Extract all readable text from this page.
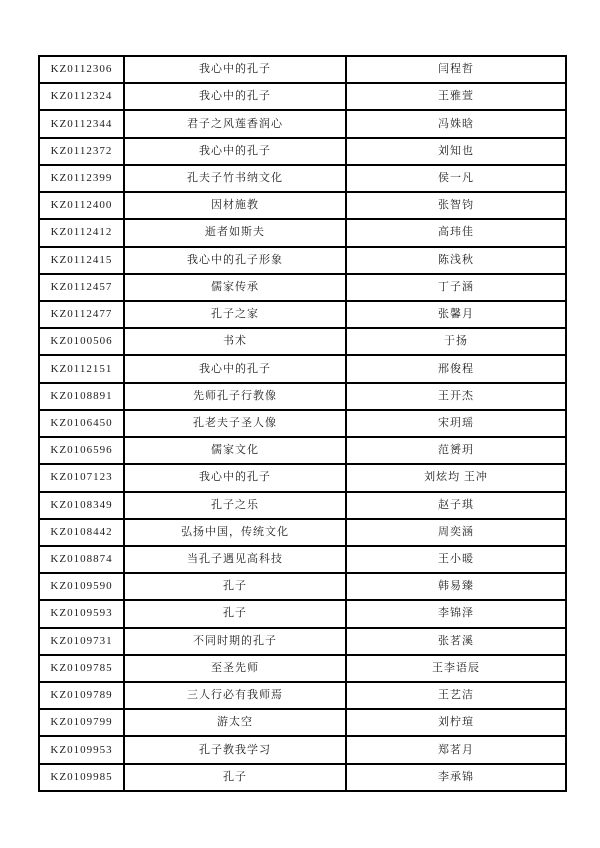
KZ0112306	我心中的孔子	闫程哲
KZ0112324	我心中的孔子	王雅萱
KZ0112344	君子之风莲香润心	冯姝晗
KZ0112372	我心中的孔子	刘知也
KZ0112399	孔夫子竹书纳文化	侯一凡
KZ0112400	因材施教	张智钧
KZ0112412	逝者如斯夫	高玮佳
KZ0112415	我心中的孔子形象	陈浅秋
KZ0112457	儒家传承	丁子涵
KZ0112477	孔子之家	张馨月
KZ0100506	书术	于扬
KZ0112151	我心中的孔子	邢俊程
KZ0108891	先师孔子行教像	王开杰
KZ0106450	孔老夫子圣人像	宋玥瑶
KZ0106596	儒家文化	范赟玥
KZ0107123	我心中的孔子	刘炫均 王冲
KZ0108349	孔子之乐	赵子琪
KZ0108442	弘扬中国，传统文化	周奕涵
KZ0108874	当孔子遇见高科技	王小暖
KZ0109590	孔子	韩易臻
KZ0109593	孔子	李锦泽
KZ0109731	不同时期的孔子	张茗溪
KZ0109785	至圣先师	王李语辰
KZ0109789	三人行必有我师焉	王艺洁
KZ0109799	游太空	刘柠瑄
KZ0109953	孔子教我学习	郑茗月
KZ0109985	孔子	李承锦
